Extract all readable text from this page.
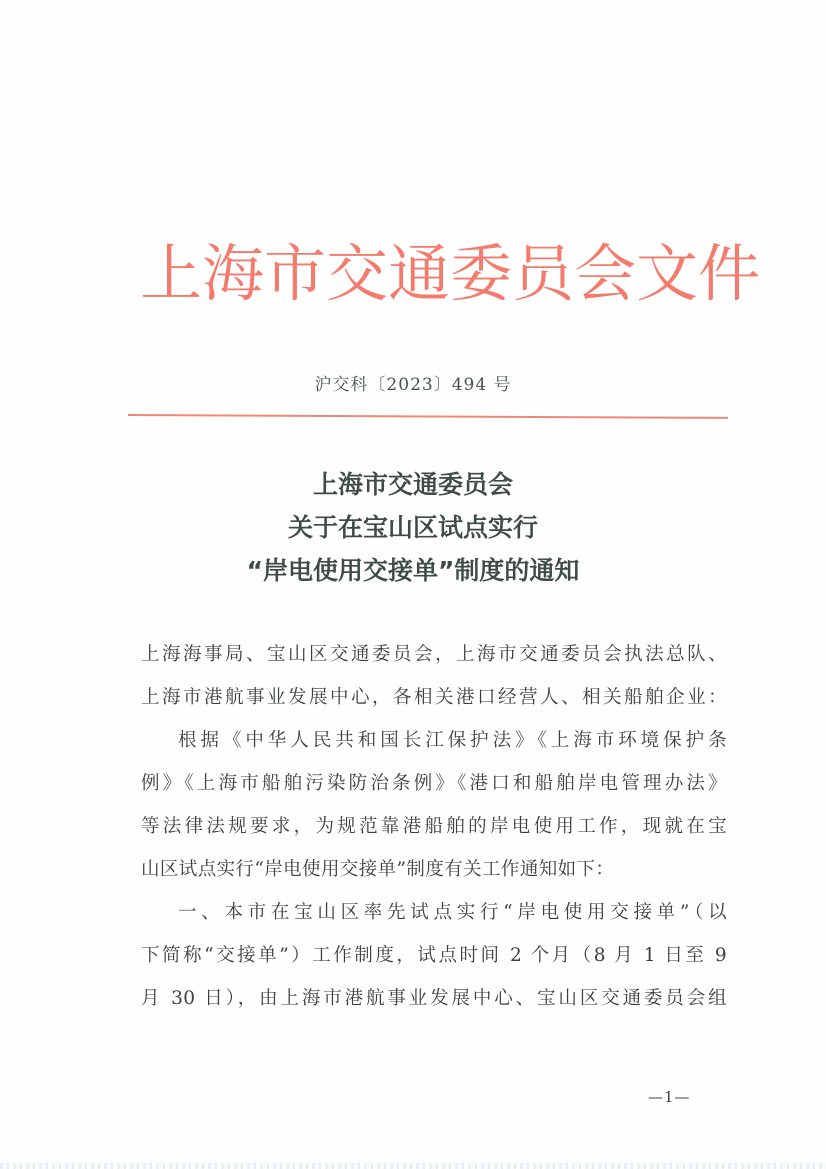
上 海 市 交 通 委 员 会 文 件
沪交科〔2023〕494 号
上海市交通委员会
关于在宝山区试点实行
“岸电使用交接单”制度的通知
上海海事局、宝山区交通委员会，上海市交通委员会执法总队、
上海市港航事业发展中心，各相关港口经营人、相关船舶企业：
根据《中华人民共和国长江保护法》《上海市环境保护条
例》《上海市船舶污染防治条例》《港口和船舶岸电管理办法》
等法律法规要求，为规范靠港船舶的岸电使用工作，现就在宝
山区试点实行“岸电使用交接单”制度有关工作通知如下：
一、本市在宝山区率先试点实行“岸电使用交接单”（以
下简称“交接单”）工作制度，试点时间 2 个月（8 月 1 日至 9
月 30 日），由上海市港航事业发展中心、宝山区交通委员会组
—1—
